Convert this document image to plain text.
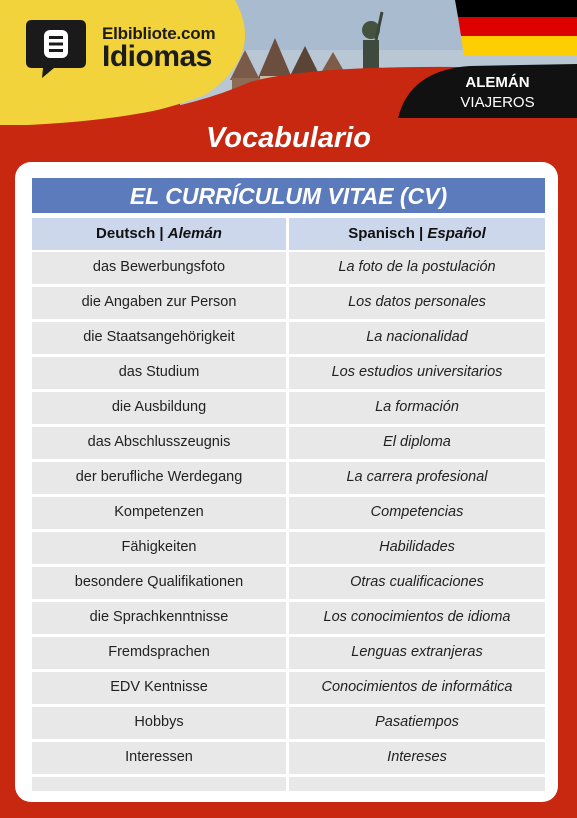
Elbibliote.com
Idiomas
ALEMÁN
VIAJEROS
Vocabulario
EL CURRÍCULUM VITAE (CV)
Deutsch | Alemán	Spanisch | Español
das Bewerbungsfoto	La foto de la postulación
die Angaben zur Person	Los datos personales
die Staatsangehörigkeit	La nacionalidad
das Studium	Los estudios universitarios
die Ausbildung	La formación
das Abschlusszeugnis	El diploma
der berufliche Werdegang	La carrera profesional
Kompetenzen	Competencias
Fähigkeiten	Habilidades
besondere Qualifikationen	Otras cualificaciones
die Sprachkenntnisse	Los conocimientos de idioma
Fremdsprachen	Lenguas extranjeras
EDV Kentnisse	Conocimientos de informática
Hobbys	Pasatiempos
Interessen	Intereses
